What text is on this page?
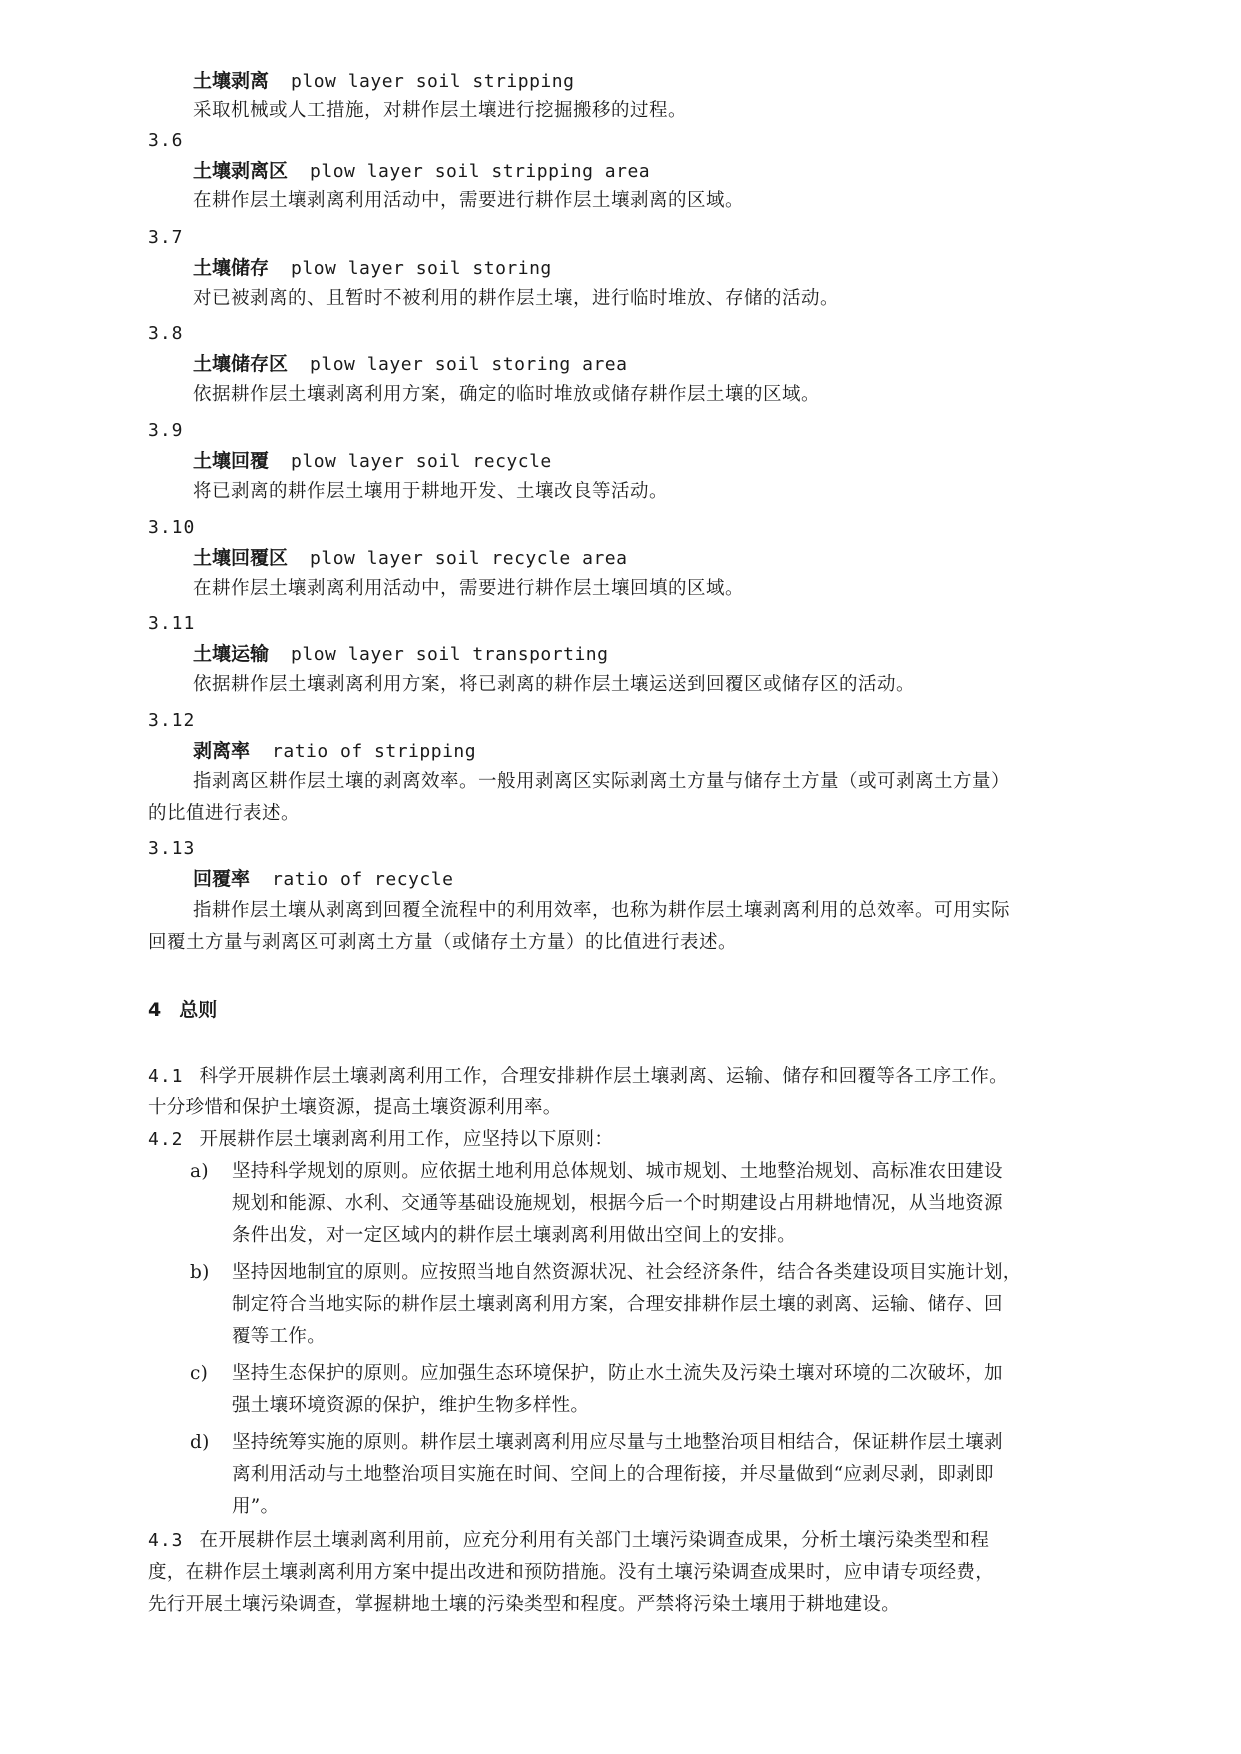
土壤剥离 plow layer soil stripping
采取机械或人工措施，对耕作层土壤进行挖掘搬移的过程。
3.6
土壤剥离区 plow layer soil stripping area
在耕作层土壤剥离利用活动中，需要进行耕作层土壤剥离的区域。
3.7
土壤储存 plow layer soil storing
对已被剥离的、且暂时不被利用的耕作层土壤，进行临时堆放、存储的活动。
3.8
土壤储存区 plow layer soil storing area
依据耕作层土壤剥离利用方案，确定的临时堆放或储存耕作层土壤的区域。
3.9
土壤回覆 plow layer soil recycle
将已剥离的耕作层土壤用于耕地开发、土壤改良等活动。
3.10
土壤回覆区 plow layer soil recycle area
在耕作层土壤剥离利用活动中，需要进行耕作层土壤回填的区域。
3.11
土壤运输 plow layer soil transporting
依据耕作层土壤剥离利用方案，将已剥离的耕作层土壤运送到回覆区或储存区的活动。
3.12
剥离率 ratio of stripping
指剥离区耕作层土壤的剥离效率。一般用剥离区实际剥离土方量与储存土方量（或可剥离土方量）
的比值进行表述。
3.13
回覆率 ratio of recycle
指耕作层土壤从剥离到回覆全流程中的利用效率，也称为耕作层土壤剥离利用的总效率。可用实际
回覆土方量与剥离区可剥离土方量（或储存土方量）的比值进行表述。
4 总则
4.1 科学开展耕作层土壤剥离利用工作，合理安排耕作层土壤剥离、运输、储存和回覆等各工序工作。
十分珍惜和保护土壤资源，提高土壤资源利用率。
4.2 开展耕作层土壤剥离利用工作，应坚持以下原则：
a) 坚持科学规划的原则。应依据土地利用总体规划、城市规划、土地整治规划、高标准农田建设
规划和能源、水利、交通等基础设施规划，根据今后一个时期建设占用耕地情况，从当地资源
条件出发，对一定区域内的耕作层土壤剥离利用做出空间上的安排。
b) 坚持因地制宜的原则。应按照当地自然资源状况、社会经济条件，结合各类建设项目实施计划，
制定符合当地实际的耕作层土壤剥离利用方案，合理安排耕作层土壤的剥离、运输、储存、回
覆等工作。
c) 坚持生态保护的原则。应加强生态环境保护，防止水土流失及污染土壤对环境的二次破坏，加
强土壤环境资源的保护，维护生物多样性。
d) 坚持统筹实施的原则。耕作层土壤剥离利用应尽量与土地整治项目相结合，保证耕作层土壤剥
离利用活动与土地整治项目实施在时间、空间上的合理衔接，并尽量做到“应剥尽剥，即剥即
用”。
4.3 在开展耕作层土壤剥离利用前，应充分利用有关部门土壤污染调查成果，分析土壤污染类型和程
度，在耕作层土壤剥离利用方案中提出改进和预防措施。没有土壤污染调查成果时，应申请专项经费，
先行开展土壤污染调查，掌握耕地土壤的污染类型和程度。严禁将污染土壤用于耕地建设。
